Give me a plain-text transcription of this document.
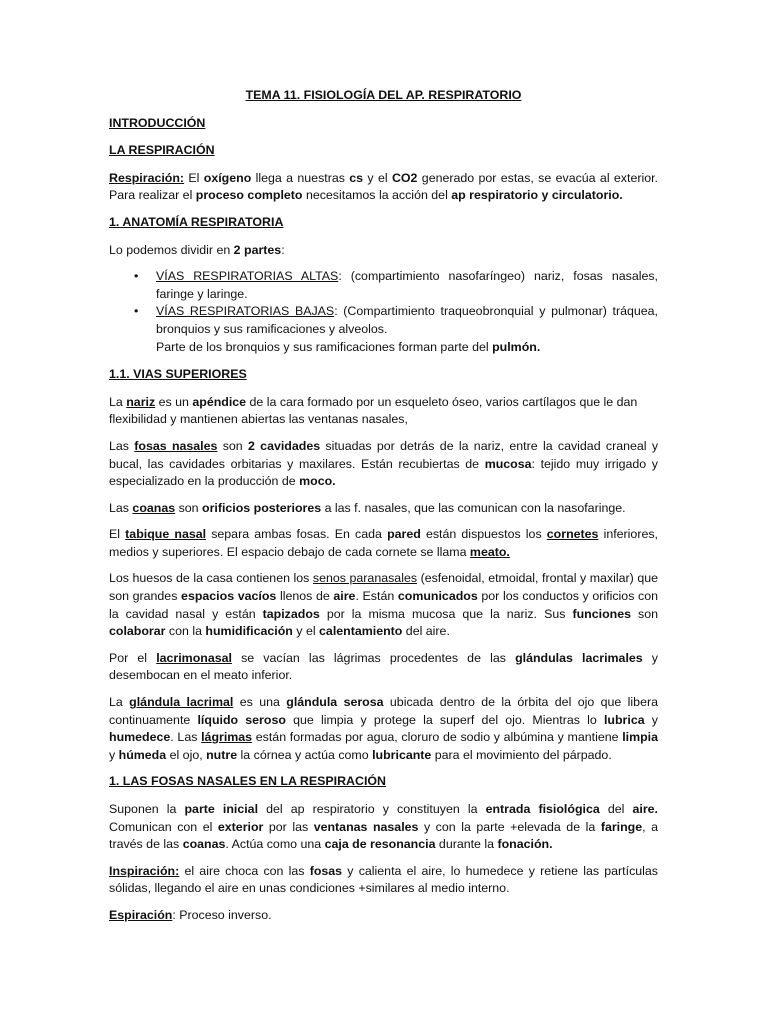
TEMA 11. FISIOLOGÍA DEL AP. RESPIRATORIO
INTRODUCCIÓN
LA RESPIRACIÓN

Respiración: El oxígeno llega a nuestras cs y el CO2 generado por estas, se evacúa al exterior. Para realizar el proceso completo necesitamos la acción del ap respiratorio y circulatorio.

1. ANATOMÍA RESPIRATORIA

Lo podemos dividir en 2 partes:

• VÍAS RESPIRATORIAS ALTAS: (compartimiento nasofaríngeo) nariz, fosas nasales, faringe y laringe.
• VÍAS RESPIRATORIAS BAJAS: (Compartimiento traqueobronquial y pulmonar) tráquea, bronquios y sus ramificaciones y alveolos.
Parte de los bronquios y sus ramificaciones forman parte del pulmón.
1.1. VIAS SUPERIORES

La nariz es un apéndice de la cara formado por un esqueleto óseo, varios cartílagos que le dan flexibilidad y mantienen abiertas las ventanas nasales,

Las fosas nasales son 2 cavidades situadas por detrás de la nariz, entre la cavidad craneal y bucal, las cavidades orbitarias y maxilares. Están recubiertas de mucosa: tejido muy irrigado y especializado en la producción de moco.

Las coanas son orificios posteriores a las f. nasales, que las comunican con la nasofaringe.

El tabique nasal separa ambas fosas. En cada pared están dispuestos los cornetes inferiores, medios y superiores. El espacio debajo de cada cornete se llama meato.

Los huesos de la casa contienen los senos paranasales (esfenoidal, etmoidal, frontal y maxilar) que son grandes espacios vacíos llenos de aire. Están comunicados por los conductos y orificios con la cavidad nasal y están tapizados por la misma mucosa que la nariz. Sus funciones son colaborar con la humidificación y el calentamiento del aire.

Por el lacrimonasal se vacían las lágrimas procedentes de las glándulas lacrimales y desembocan en el meato inferior.

La glándula lacrimal es una glándula serosa ubicada dentro de la órbita del ojo que libera continuamente líquido seroso que limpia y protege la superf del ojo. Mientras lo lubrica y humedece. Las lágrimas están formadas por agua, cloruro de sodio y albúmina y mantiene limpia y húmeda el ojo, nutre la córnea y actúa como lubricante para el movimiento del párpado.

1. LAS FOSAS NASALES EN LA RESPIRACIÓN

Suponen la parte inicial del ap respiratorio y constituyen la entrada fisiológica del aire. Comunican con el exterior por las ventanas nasales y con la parte +elevada de la faringe, a través de las coanas. Actúa como una caja de resonancia durante la fonación.

Inspiración: el aire choca con las fosas y calienta el aire, lo humedece y retiene las partículas sólidas, llegando el aire en unas condiciones +similares al medio interno.

Espiración: Proceso inverso.
